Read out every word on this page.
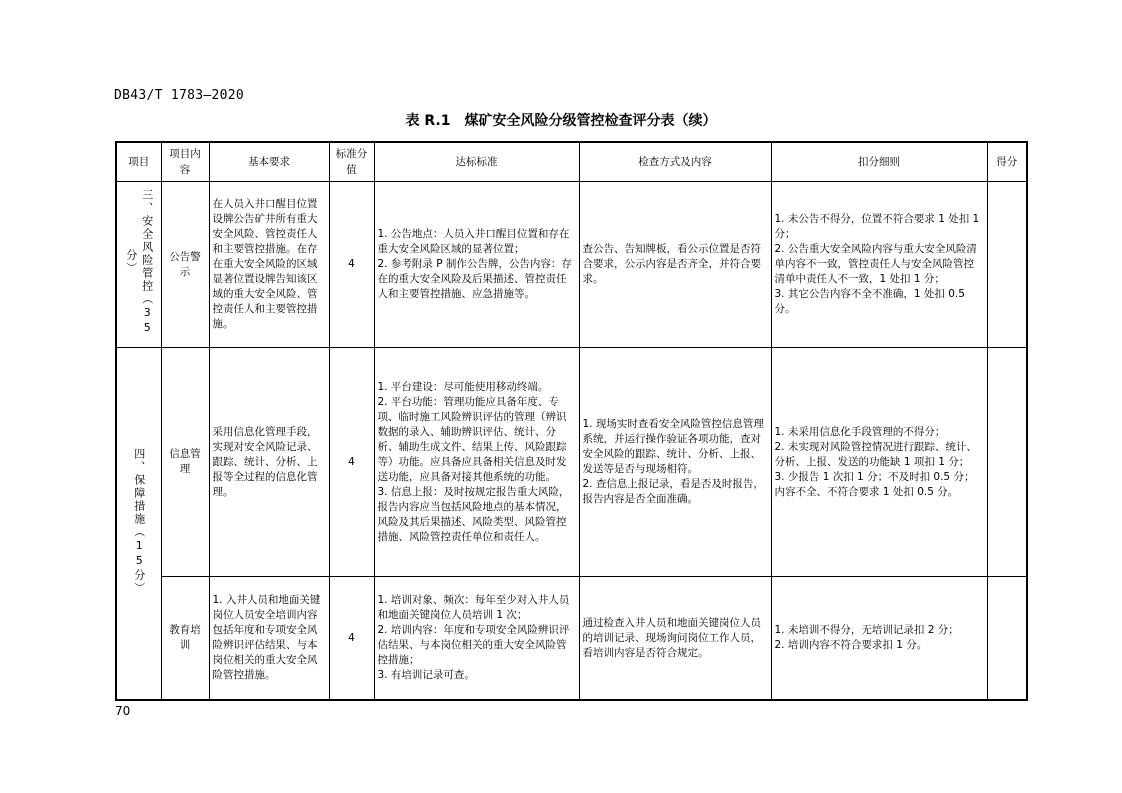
DB43/T 1783—2020
表 R.1　煤矿安全风险分级管控检查评分表（续）
项目	项目内容	基本要求	标准分值	达标标准	检查方式及内容	扣分细则	得分
三、安全风险管控（35分）	公告警示	在人员入井口醒目位置设牌公告矿井所有重大安全风险、管控责任人和主要管控措施。在存在重大安全风险的区域显著位置设牌告知该区域的重大安全风险、管控责任人和主要管控措施。	4	1. 公告地点：人员入井口醒目位置和存在重大安全风险区域的显著位置；
2. 参考附录 P 制作公告牌，公告内容：存在的重大安全风险及后果描述、管控责任人和主要管控措施、应急措施等。	查公告、告知牌板，看公示位置是否符合要求，公示内容是否齐全，并符合要求。	1. 未公告不得分，位置不符合要求 1 处扣 1 分；
2. 公告重大安全风险内容与重大安全风险清单内容不一致，管控责任人与安全风险管控清单中责任人不一致，1 处扣 1 分；
3. 其它公告内容不全不准确，1 处扣 0.5 分。	

四、保障措施（15分）	信息管理	采用信息化管理手段，实现对安全风险记录、跟踪、统计、分析、上报等全过程的信息化管理。	4	1. 平台建设：尽可能使用移动终端。
2. 平台功能：管理功能应具备年度、专项、临时施工风险辨识评估的管理（辨识数据的录入、辅助辨识评估、统计、分析、辅助生成文件、结果上传、风险跟踪等）功能。应具备应具备相关信息及时发送功能，应具备对接其他系统的功能。
3. 信息上报：及时按规定报告重大风险，报告内容应当包括风险地点的基本情况，风险及其后果描述、风险类型、风险管控措施、风险管控责任单位和责任人。	1. 现场实时查看安全风险管控信息管理系统，并运行操作验证各项功能，查对安全风险的跟踪、统计、分析、上报、发送等是否与现场相符。
2. 查信息上报记录，看是否及时报告，报告内容是否全面准确。	1. 未采用信息化手段管理的不得分；
2. 未实现对风险管控情况进行跟踪、统计、分析、上报、发送的功能缺 1 项扣 1 分；
3. 少报告 1 次扣 1 分；不及时扣 0.5 分；内容不全、不符合要求 1 处扣 0.5 分。	

	教育培训	1. 入井人员和地面关键岗位人员安全培训内容包括年度和专项安全风险辨识评估结果、与本岗位相关的重大安全风险管控措施。	4	1. 培训对象、频次：每年至少对入井人员和地面关键岗位人员培训 1 次；
2. 培训内容：年度和专项安全风险辨识评估结果、与本岗位相关的重大安全风险管控措施；
3. 有培训记录可查。	通过检查入井人员和地面关键岗位人员的培训记录、现场询问岗位工作人员，看培训内容是否符合规定。	1. 未培训不得分，无培训记录扣 2 分；
2. 培训内容不符合要求扣 1 分。	

70
